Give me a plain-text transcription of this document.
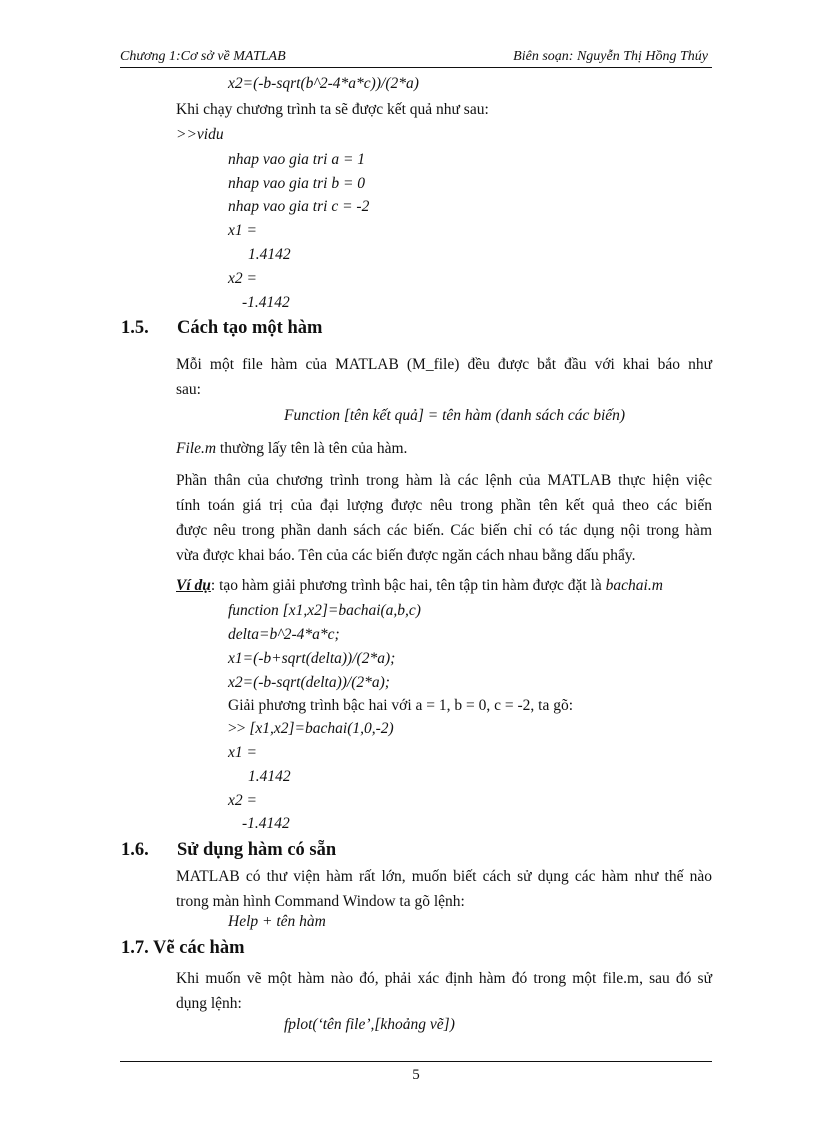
Chương 1:Cơ sở về MATLAB	Biên soạn: Nguyễn Thị Hồng Thúy
x2=(-b-sqrt(b^2-4*a*c))/(2*a)
Khi chạy chương trình ta sẽ được kết quả như sau:
>>vidu
nhap vao gia tri a = 1
nhap vao gia tri b = 0
nhap vao gia tri c = -2
x1 =
1.4142
x2 =
-1.4142
1.5. Cách tạo một hàm
Mỗi một file hàm của MATLAB (M_file) đều được bắt đầu với khai báo như
sau:
Function [tên kết quả] = tên hàm (danh sách các biến)
File.m thường lấy tên là tên của hàm.
Phần thân của chương trình trong hàm là các lệnh của MATLAB thực hiện việc
tính toán giá trị của đại lượng được nêu trong phần tên kết quả theo các biến
được nêu trong phần danh sách các biến. Các biến chỉ có tác dụng nội trong hàm
vừa được khai báo. Tên của các biến được ngăn cách nhau bằng dấu phẩy.
Ví dụ: tạo hàm giải phương trình bậc hai, tên tập tin hàm được đặt là bachai.m
function [x1,x2]=bachai(a,b,c)
delta=b^2-4*a*c;
x1=(-b+sqrt(delta))/(2*a);
x2=(-b-sqrt(delta))/(2*a);
Giải phương trình bậc hai với a = 1, b = 0, c = -2, ta gõ:
>> [x1,x2]=bachai(1,0,-2)
x1 =
1.4142
x2 =
-1.4142
1.6. Sử dụng hàm có sẵn
MATLAB có thư viện hàm rất lớn, muốn biết cách sử dụng các hàm như thế nào
trong màn hình Command Window ta gõ lệnh:
Help + tên hàm
1.7. Vẽ các hàm
Khi muốn vẽ một hàm nào đó, phải xác định hàm đó trong một file.m, sau đó sử
dụng lệnh:
fplot(‘tên file’,[khoảng vẽ])
5
